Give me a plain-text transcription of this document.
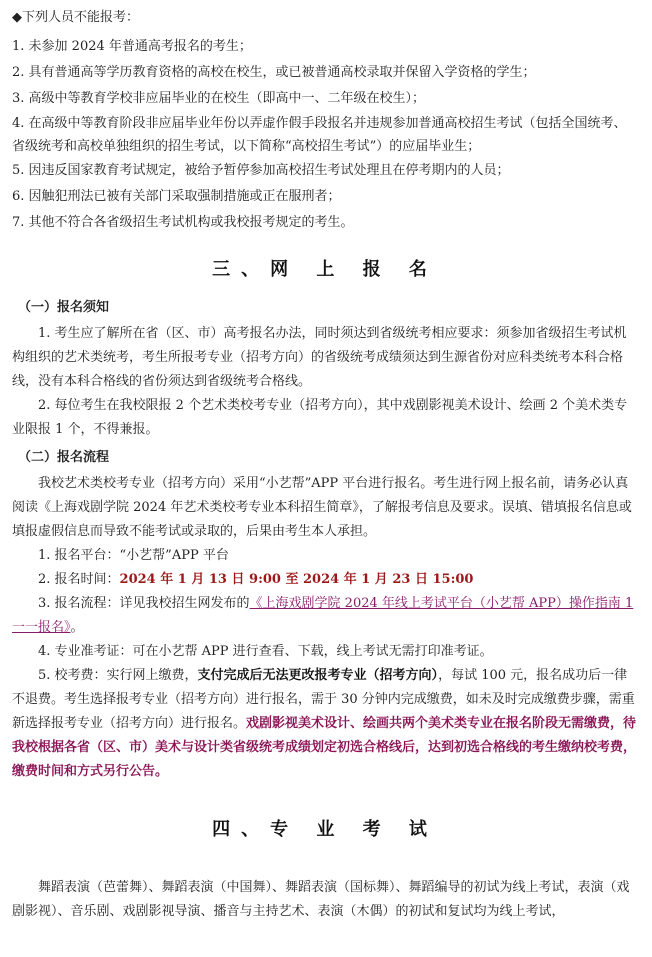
◆下列人员不能报考：

1. 未参加 2024 年普通高考报名的考生；

2. 具有普通高等学历教育资格的高校在校生，或已被普通高校录取并保留入学资格的学生；

3. 高级中等教育学校非应届毕业的在校生（即高中一、二年级在校生）；

4. 在高级中等教育阶段非应届毕业年份以弄虚作假手段报名并违规参加普通高校招生考试（包括全国统考、省级统考和高校单独组织的招生考试，以下简称“高校招生考试”）的应届毕业生；

5. 因违反国家教育考试规定，被给予暂停参加高校招生考试处理且在停考期内的人员；

6. 因触犯刑法已被有关部门采取强制措施或正在服刑者；

7. 其他不符合各省级招生考试机构或我校报考规定的考生。

三、网 上 报 名
（一）报名须知

1. 考生应了解所在省（区、市）高考报名办法，同时须达到省级统考相应要求：须参加省级招生考试机构组织的艺术类统考，考生所报考专业（招考方向）的省级统考成绩须达到生源省份对应科类统考本科合格线，没有本科合格线的省份须达到省级统考合格线。

2. 每位考生在我校限报 2 个艺术类校考专业（招考方向），其中戏剧影视美术设计、绘画 2 个美术类专业限报 1 个，不得兼报。

（二）报名流程

我校艺术类校考专业（招考方向）采用“小艺帮”APP 平台进行报名。考生进行网上报名前，请务必认真阅读《上海戏剧学院 2024 年艺术类校考专业本科招生简章》，了解报考信息及要求。误填、错填报名信息或填报虚假信息而导致不能考试或录取的，后果由考生本人承担。

1. 报名平台：“小艺帮”APP 平台

2. 报名时间：2024 年 1 月 13 日 9:00 至 2024 年 1 月 23 日 15:00

3. 报名流程：详见我校招生网发布的《上海戏剧学院 2024 年线上考试平台（小艺帮 APP）操作指南 1 一一报名》。

4. 专业准考证：可在小艺帮 APP 进行查看、下载，线上考试无需打印准考证。

5. 校考费：实行网上缴费，支付完成后无法更改报考专业（招考方向），每试 100 元，报名成功后一律不退费。考生选择报考专业（招考方向）进行报名，需于 30 分钟内完成缴费，如未及时完成缴费步骤，需重新选择报考专业（招考方向）进行报名。戏剧影视美术设计、绘画共两个美术类专业在报名阶段无需缴费，待我校根据各省（区、市）美术与设计类省级统考成绩划定初选合格线后，达到初选合格线的考生缴纳校考费，缴费时间和方式另行公告。

四、专 业 考 试

舞蹈表演（芭蕾舞）、舞蹈表演（中国舞）、舞蹈表演（国标舞）、舞蹈编导的初试为线上考试，表演（戏剧影视）、音乐剧、戏剧影视导演、播音与主持艺术、表演（木偶）的初试和复试均为线上考试，
